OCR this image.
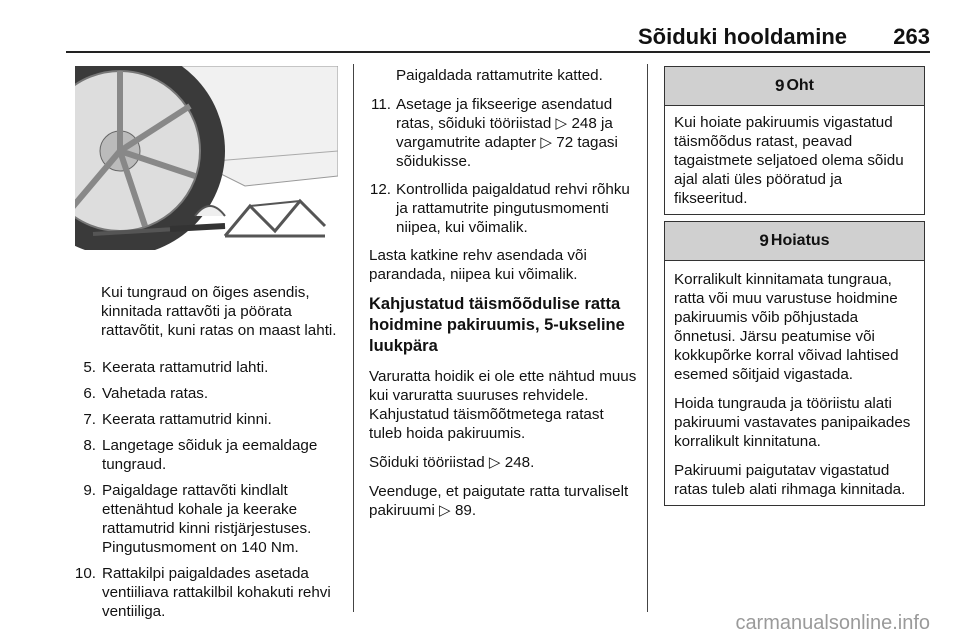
Sõiduki hooldamine 263
Kui tungraud on õiges asendis, kinnitada rattavõti ja pöörata rattavõtit, kuni ratas on maast lahti.
5. Keerata rattamutrid lahti.
6. Vahetada ratas.
7. Keerata rattamutrid kinni.
8. Langetage sõiduk ja eemaldage tungraud.
9. Paigaldage rattavõti kindlalt ettenähtud kohale ja keerake rattamutrid kinni ristjärjestuses. Pingutusmoment on 140 Nm.
10. Rattakilpi paigaldades asetada ventiiliava rattakilbil kohakuti rehvi ventiiliga.

Paigaldada rattamutrite katted.

11. Asetage ja fikseerige asendatud ratas, sõiduki tööriistad ▷ 248 ja vargamutrite adapter ▷ 72 tagasi sõidukisse.
12. Kontrollida paigaldatud rehvi rõhku ja rattamutrite pingutusmomenti niipea, kui võimalik.

Lasta katkine rehv asendada või parandada, niipea kui võimalik.

Kahjustatud täismõõdulise ratta hoidmine pakiruumis, 5-ukseline luukpära

Varuratta hoidik ei ole ette nähtud muus kui varuratta suuruses rehvidele. Kahjustatud täismõõtmetega ratast tuleb hoida pakiruumis.

Sõiduki tööriistad ▷ 248.

Veenduge, et paigutate ratta turvaliselt pakiruumi ▷ 89.

9 Oht

Kui hoiate pakiruumis vigastatud täismõõdus ratast, peavad tagaistmete seljatoed olema sõidu ajal alati üles pööratud ja fikseeritud.

9 Hoiatus

Korralikult kinnitamata tungraua, ratta või muu varustuse hoidmine pakiruumis võib põhjustada õnnetusi. Järsu peatumise või kokkupõrke korral võivad lahtised esemed sõitjaid vigastada.

Hoida tungrauda ja tööriistu alati pakiruumi vastavates panipaikades korralikult kinnitatuna.

Pakiruumi paigutatav vigastatud ratas tuleb alati rihmaga kinnitada.

carmanualsonline.info
